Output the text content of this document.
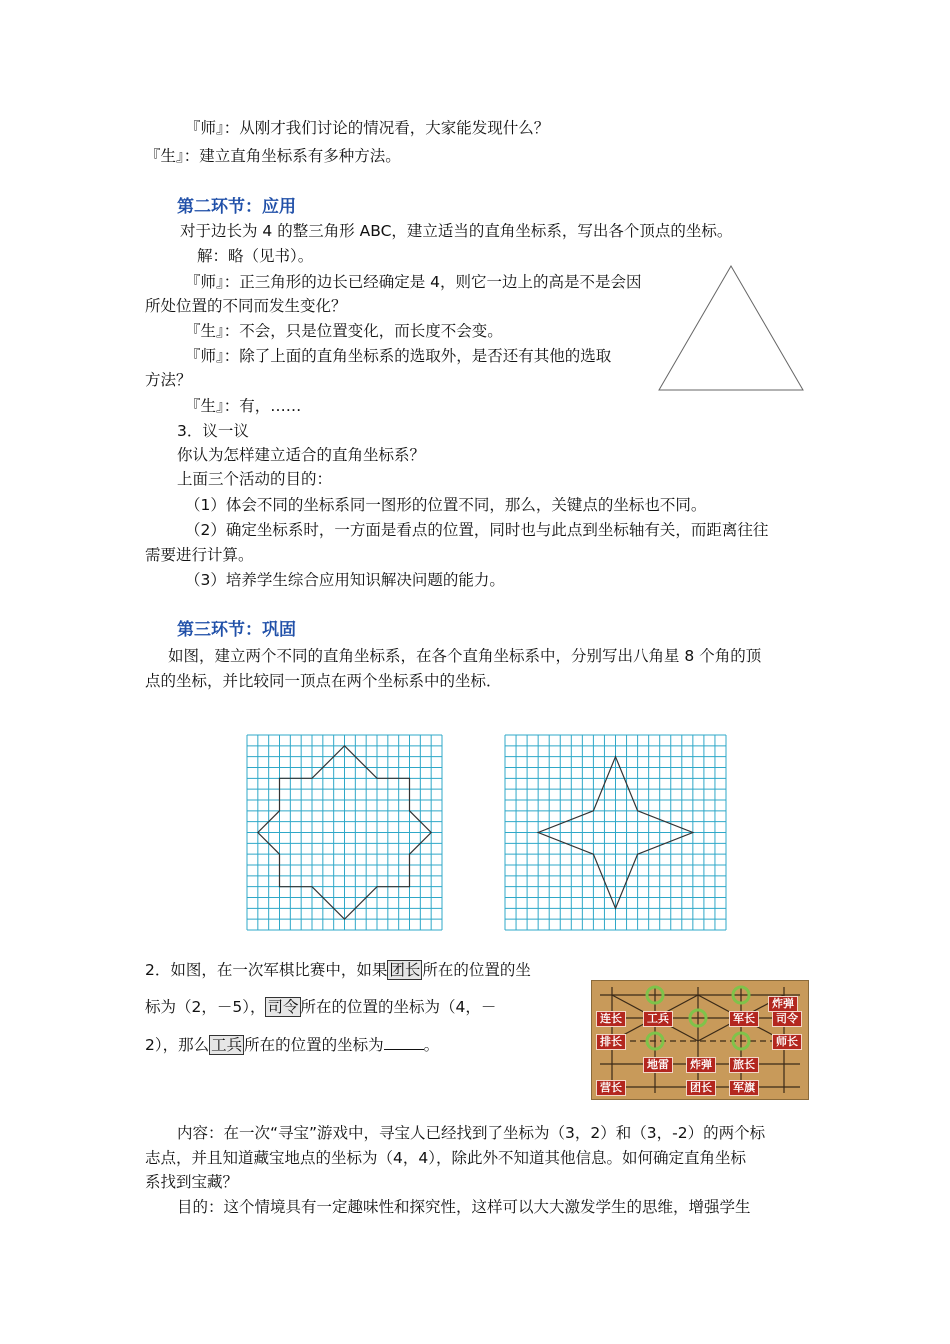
『师』：从刚才我们讨论的情况看，大家能发现什么？
『生』：建立直角坐标系有多种方法。
第二环节：应用
对于边长为 4 的整三角形 ABC，建立适当的直角坐标系，写出各个顶点的坐标。
解：略（见书）。
『师』：正三角形的边长已经确定是 4，则它一边上的高是不是会因
所处位置的不同而发生变化？
『生』：不会，只是位置变化，而长度不会变。
『师』：除了上面的直角坐标系的选取外，是否还有其他的选取
方法？
『生』：有，……
3．议一议
你认为怎样建立适合的直角坐标系？
上面三个活动的目的：
（1）体会不同的坐标系同一图形的位置不同，那么，关键点的坐标也不同。
（2）确定坐标系时，一方面是看点的位置，同时也与此点到坐标轴有关，而距离往往
需要进行计算。
（3）培养学生综合应用知识解决问题的能力。
第三环节：巩固
如图，建立两个不同的直角坐标系，在各个直角坐标系中，分别写出八角星 8 个角的顶
点的坐标，并比较同一顶点在两个坐标系中的坐标．
2．如图，在一次军棋比赛中，如果 团长 所在的位置的坐
标为（2，－5）， 司令 所在的位置的坐标为（4，－
2），那么 工兵 所在的位置的坐标为	。
炸弹
连长	工兵	军长	司令
排长	师长
地雷	炸弹	旅长
营长	团长	军旗
内容：在一次“寻宝”游戏中，寻宝人已经找到了坐标为（3，2）和（3，-2）的两个标
志点，并且知道藏宝地点的坐标为（4，4），除此外不知道其他信息。如何确定直角坐标
系找到宝藏？
目的：这个情境具有一定趣味性和探究性，这样可以大大激发学生的思维，增强学生
